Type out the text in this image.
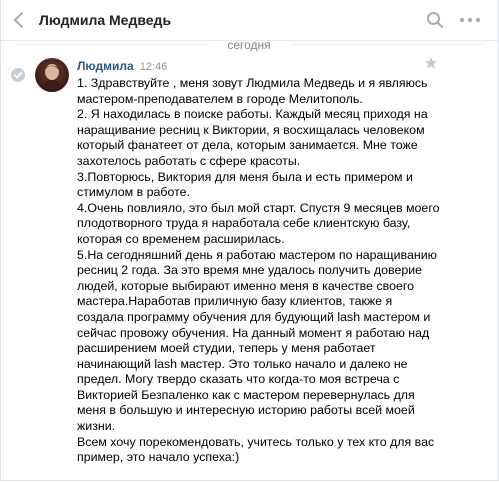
Людмила Медведь
сегодня
Людмила 12:46
1. Здравствуйте , меня зовут Людмила Медведь и я являюсь
мастером-преподавателем в городе Мелитополь.
2. Я находилась в поиске работы. Каждый месяц приходя на
наращивание ресниц к Виктории, я восхищалась человеком
который фанатеет от дела, которым занимается. Мне тоже
захотелось работать с сфере красоты.
3.Повторюсь, Виктория для меня была и есть примером и
стимулом в работе.
4.Очень повлияло, это был мой старт. Спустя 9 месяцев моего
плодотворного труда я наработала себе клиентскую базу,
которая со временем расширилась.
5.На сегодняшний день я работаю мастером по наращиванию
ресниц 2 года. За это время мне удалось получить доверие
людей, которые выбирают именно меня в качестве своего
мастера.Наработав приличную базу клиентов, также я
создала программу обучения для будующий lash мастером и
сейчас провожу обучения. На данный момент я работаю над
расширением моей студии, теперь у меня работает
начинающий lash мастер. Это только начало и далеко не
предел. Могу твердо сказать что когда-то моя встреча с
Викторией Безпаленко как с мастером перевернулась для
меня в большую и интересную историю работы всей моей
жизни.
Всем хочу порекомендовать, учитесь только у тех кто для вас
пример, это начало успеха:)
